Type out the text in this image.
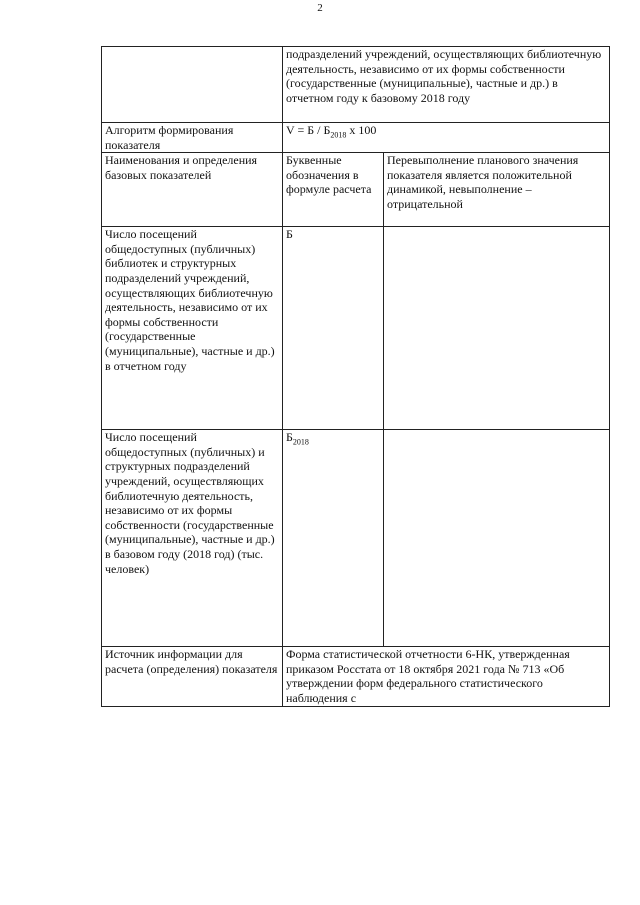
2
	подразделений учреждений, осуществляющих библиотечную деятельность, независимо от их формы собственности (государственные (муниципальные), частные и др.) в отчетном году к базовому 2018 году	
Алгоритм формирования показателя	$V = Б / Б_{2018}$ x 100	
Наименования и определения базовых показателей	Буквенные обозначения в формуле расчета	Перевыполнение планового значения показателя является положительной динамикой, невыполнение – отрицательной
Число посещений общедоступных (публичных) библиотек и структурных подразделений учреждений, осуществляющих библиотечную деятельность, независимо от их формы собственности (государственные (муниципальные), частные и др.) в отчетном году	Б	
Число посещений общедоступных (публичных) и структурных подразделений учреждений, осуществляющих библиотечную деятельность, независимо от их формы собственности (государственные (муниципальные), частные и др.) в базовом году (2018 год) (тыс. человек)	$Б_{2018}$	
Источник информации для расчета (определения) показателя	Форма статистической отчетности 6-НК, утвержденная приказом Росстата от 18 октября 2021 года № 713 «Об утверждении форм федерального статистического наблюдения с	
